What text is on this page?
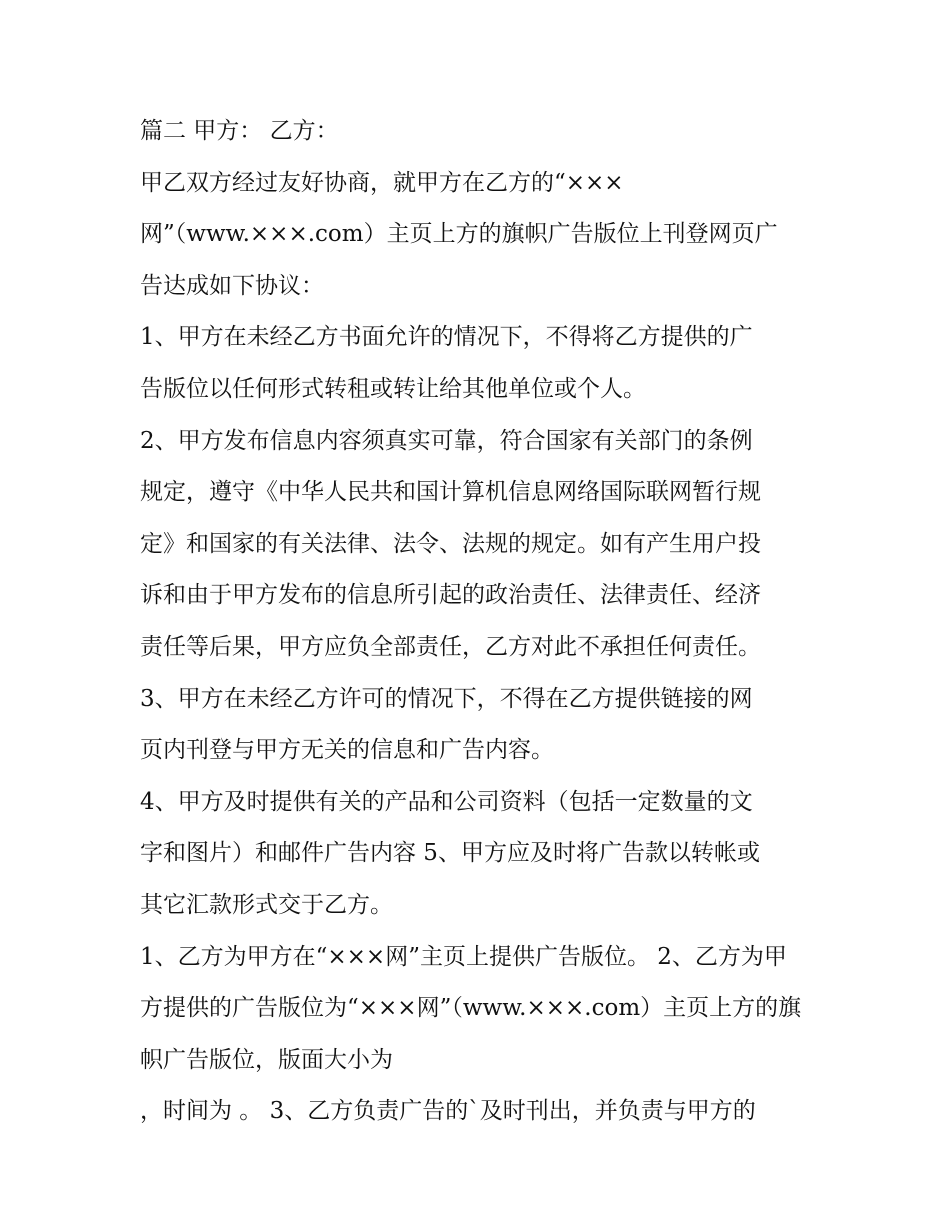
篇二 甲方： 乙方：

甲乙双方经过友好协商，就甲方在乙方的“×××

网”（www.×××.com）主页上方的旗帜广告版位上刊登网页广

告达成如下协议：

1、甲方在未经乙方书面允许的情况下，不得将乙方提供的广

告版位以任何形式转租或转让给其他单位或个人。

2、甲方发布信息内容须真实可靠，符合国家有关部门的条例

规定，遵守《中华人民共和国计算机信息网络国际联网暂行规

定》和国家的有关法律、法令、法规的规定。如有产生用户投

诉和由于甲方发布的信息所引起的政治责任、法律责任、经济

责任等后果，甲方应负全部责任，乙方对此不承担任何责任。

3、甲方在未经乙方许可的情况下，不得在乙方提供链接的网

页内刊登与甲方无关的信息和广告内容。

4、甲方及时提供有关的产品和公司资料（包括一定数量的文

字和图片）和邮件广告内容 5、甲方应及时将广告款以转帐或

其它汇款形式交于乙方。

1、乙方为甲方在“×××网”主页上提供广告版位。 2、乙方为甲

方提供的广告版位为“×××网”（www.×××.com）主页上方的旗

帜广告版位，版面大小为

，时间为 。 3、乙方负责广告的`及时刊出，并负责与甲方的
